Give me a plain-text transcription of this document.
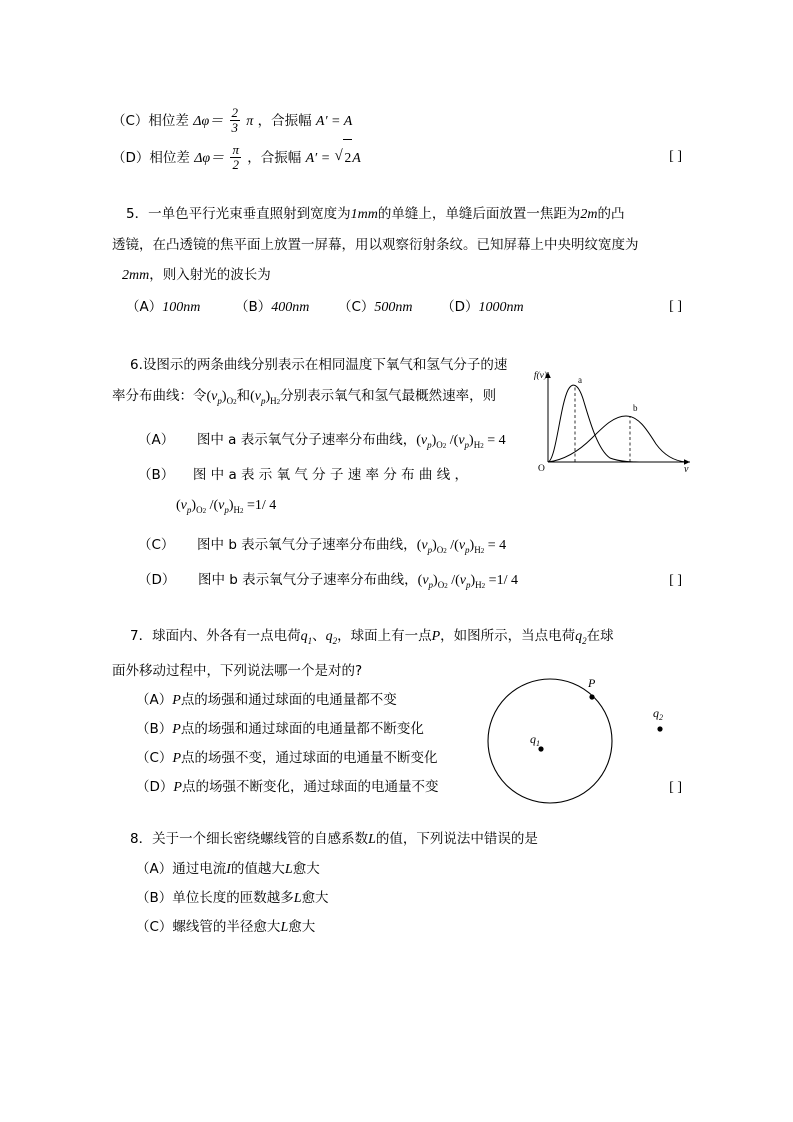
（C）相位差 $\Delta\varphi= \frac{2}{3}$ π ，合振幅 A′ = A
（D）相位差 $\Delta\varphi= \frac{\pi}{2}$ ，合振幅 A′ = √ 2A	[ ]
5．一单色平行光束垂直照射到宽度为1mm的单缝上，单缝后面放置一焦距为2m的凸
透镜，在凸透镜的焦平面上放置一屏幕，用以观察衍射条纹。已知屏幕上中央明纹宽度为
2mm，则入射光的波长为
（A）100nm	（B）400nm （C）500nm （D）1000nm	[ ]
f(v)
v
O
a
b
6.设图示的两条曲线分别表示在相同温度下氧气和氢气分子的速
率分布曲线：令$(v_p)_{O2}$和$(v_p)_{H2}$分别表示氧气和氢气最概然速率，则
（A） 图中 a 表示氧气分子速率分布曲线，$(v_p)_{O2}$ $/(v_p)_{H2} = 4$
（B） 图 中 a 表 示 氧 气 分 子 速 率 分 布 曲 线 ，
$(v_p)_{O2}$ $/(v_p)_{H2} =1/$ 4
（C） 图中 b 表示氧气分子速率分布曲线，$(v_p)_{O2}$ $/(v_p)_{H2} = 4$
（D） 图中 b 表示氧气分子速率分布曲线，$(v_p)_{O2}$ $/(v_p)_{H2} =1/$ 4	[ ]
P
$q_1$
$q_2$
7．球面内、外各有一点电荷$q_1$、$q_2$，球面上有一点P，如图所示，当点电荷$q_2$在球
面外移动过程中，下列说法哪一个是对的?
（A）P点的场强和通过球面的电通量都不变
（B）P点的场强和通过球面的电通量都不断变化
（C）P点的场强不变，通过球面的电通量不断变化
（D）P点的场强不断变化，通过球面的电通量不变	[ ]
8．关于一个细长密绕螺线管的自感系数L的值，下列说法中错误的是
（A）通过电流I的值越大L愈大
（B）单位长度的匝数越多L愈大
（C）螺线管的半径愈大L愈大
